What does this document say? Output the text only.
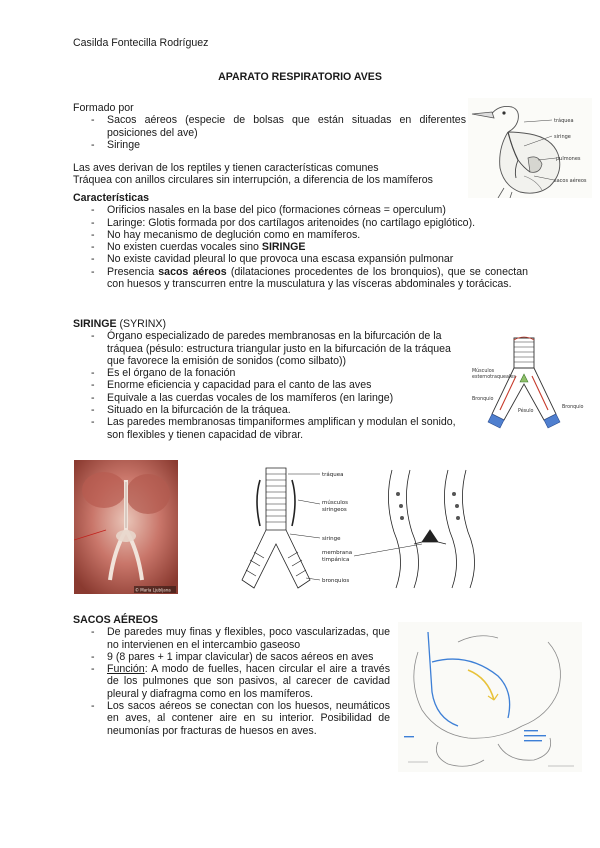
Casilda Fontecilla Rodríguez
APARATO RESPIRATORIO AVES
Formado por
- Sacos aéreos (especie de bolsas que están situadas en diferentes posiciones del ave)
- Siringe
Las aves derivan de los reptiles y tienen características comunes
Tráquea con anillos circulares sin interrupción, a diferencia de los mamíferos
Características
- Orificios nasales en la base del pico (formaciones córneas = operculum)
- Laringe: Glotis formada por dos cartílagos aritenoides (no cartílago epiglótico).
- No hay mecanismo de deglución como en mamíferos.
- No existen cuerdas vocales sino SIRINGE
- No existe cavidad pleural lo que provoca una escasa expansión pulmonar
- Presencia sacos aéreos (dilataciones procedentes de los bronquios), que se conectan con huesos y transcurren entre la musculatura y las vísceras abdominales y torácicas.
SIRINGE (SYRINX)
- Órgano especializado de paredes membranosas en la bifurcación de la tráquea (pésulo: estructura triangular justo en la bifurcación de la tráquea que favorece la emisión de sonidos (como silbato))
- Es el órgano de la fonación
- Enorme eficiencia y capacidad para el canto de las aves
- Equivale a las cuerdas vocales de los mamíferos (en laringe)
- Situado en la bifurcación de la tráquea.
- Las paredes membranosas timpaniformes amplifican y modulan el sonido, son flexibles y tienen capacidad de vibrar.
SACOS AÉREOS
- De paredes muy finas y flexibles, poco vascularizadas, que no intervienen en el intercambio gaseoso
- 9 (8 pares + 1 impar clavicular) de sacos aéreos en aves
- Función: A modo de fuelles, hacen circular el aire a través de los pulmones que son pasivos, al carecer de cavidad pleural y diafragma como en los mamíferos.
- Los sacos aéreos se conectan con los huesos, neumáticos en aves, al contener aire en su interior. Posibilidad de neumonías por fracturas de huesos en aves.
tráquea
siringe
pulmones
sacos aéreos
Músculos
esternotraqueales
Pésulo
Bronquio
Bronquio
© María Ljubljana
tráquea
músculos
siringeos
siringe
membrana
timpánica
bronquios
